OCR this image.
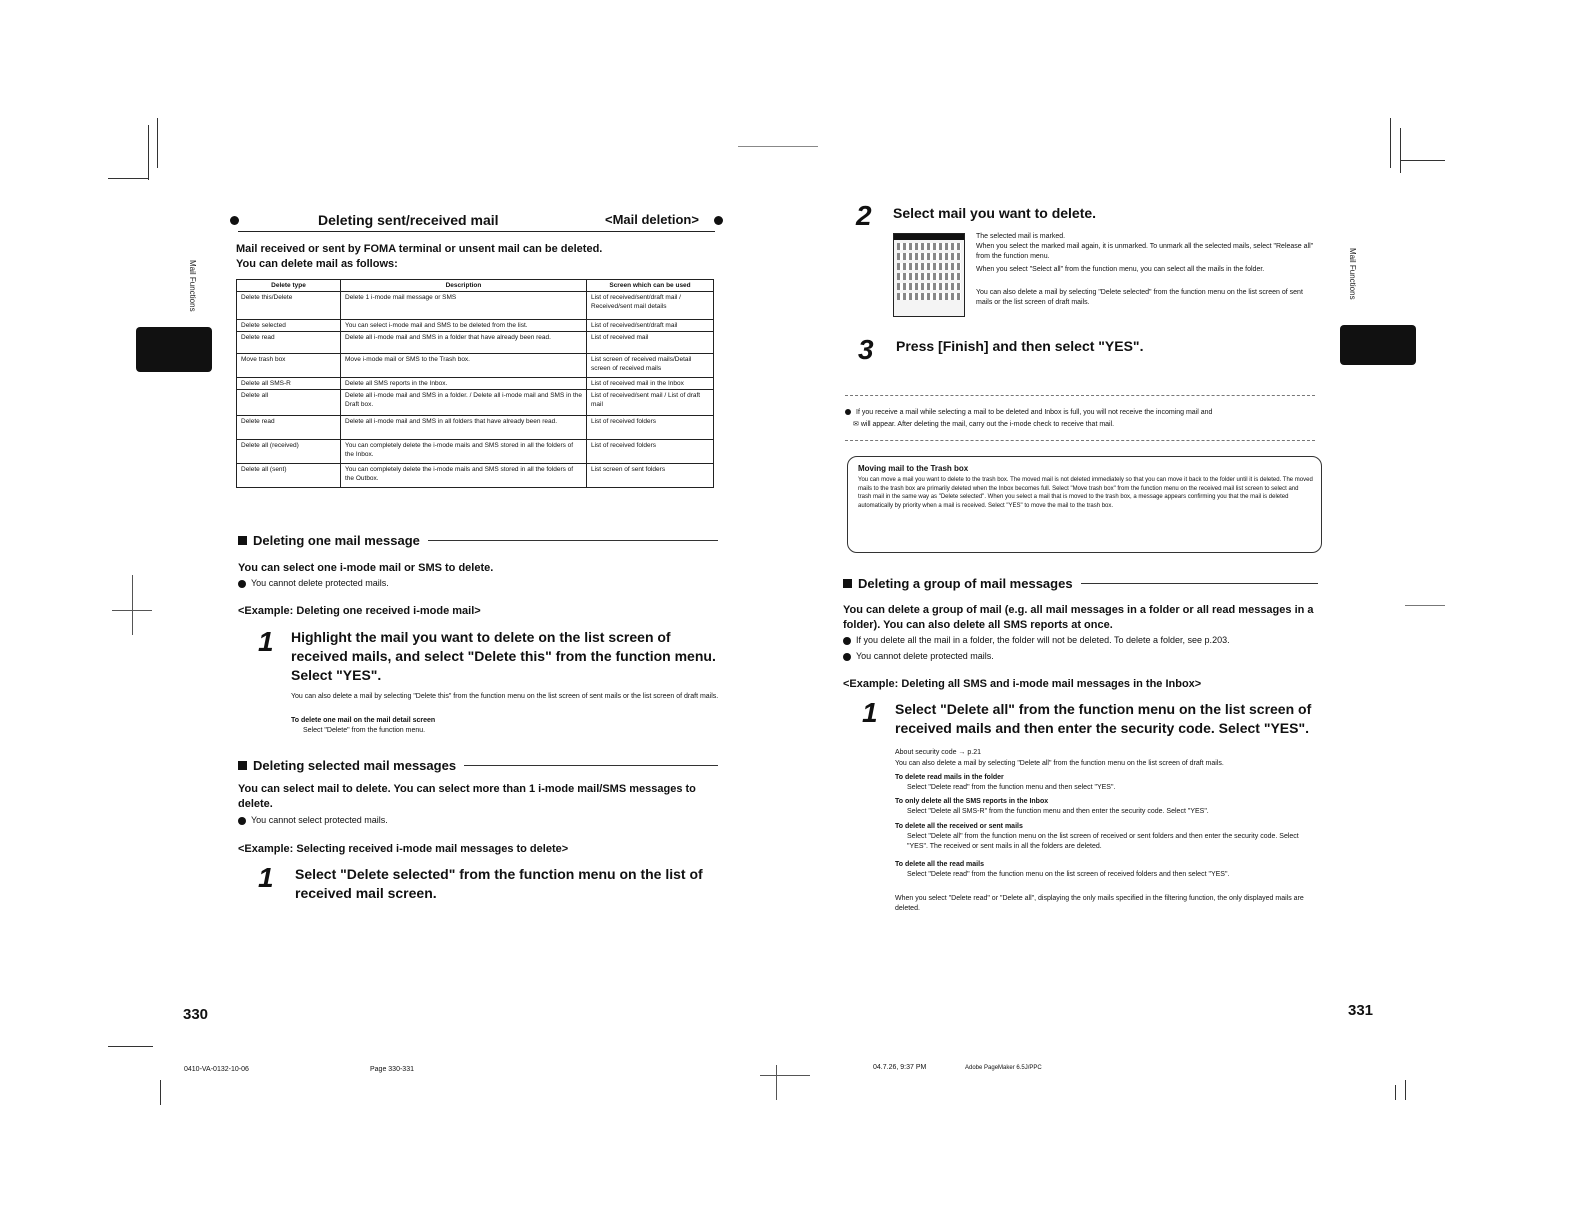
Deleting sent/received mail	<Mail deletion>
Mail received or sent by FOMA terminal or unsent mail can be deleted.
You can delete mail as follows:
Delete type	Description	Screen which can be used
Delete this/Delete	Delete 1 i-mode mail message or SMS	List of received/sent/draft mail / Received/sent mail details
Delete selected	You can select i-mode mail and SMS to be deleted from the list.	List of received/sent/draft mail
Delete read	Delete all i-mode mail and SMS in a folder that have already been read.	List of received mail
Move trash box	Move i-mode mail or SMS to the Trash box.	List screen of received mails/Detail screen of received mails
Delete all SMS-R	Delete all SMS reports in the Inbox.	List of received mail in the Inbox
Delete all	Delete all i-mode mail and SMS in a folder. / Delete all i-mode mail and SMS in the Draft box.	List of received/sent mail / List of draft mail
Delete read	Delete all i-mode mail and SMS in all folders that have already been read.	List of received folders
Delete all (received)	You can completely delete the i-mode mails and SMS stored in all the folders of the Inbox.	List of received folders
Delete all (sent)	You can completely delete the i-mode mails and SMS stored in all the folders of the Outbox.	List screen of sent folders
Mail Functions
Deleting one mail message
You can select one i-mode mail or SMS to delete.
You cannot delete protected mails.
<Example: Deleting one received i-mode mail>
1 Highlight the mail you want to delete on the list screen of received mails, and select "Delete this" from the function menu. Select "YES".
You can also delete a mail by selecting "Delete this" from the function menu on the list screen of sent mails or the list screen of draft mails.
To delete one mail on the mail detail screen
Select "Delete" from the function menu.
Deleting selected mail messages
You can select mail to delete. You can select more than 1 i-mode mail/SMS messages to delete.
You cannot select protected mails.
<Example: Selecting received i-mode mail messages to delete>
1 Select "Delete selected" from the function menu on the list of received mail screen.
330
0410-VA-0132-10-06	Page 330-331
2 Select mail you want to delete.
The selected mail is marked.
When you select the marked mail again, it is unmarked. To unmark all the selected mails, select "Release all" from the function menu.
When you select "Select all" from the function menu, you can select all the mails in the folder.
You can also delete a mail by selecting "Delete selected" from the function menu on the list screen of sent mails or the list screen of draft mails.
3 Press [Finish] and then select "YES".
If you receive a mail while selecting a mail to be deleted and Inbox is full, you will not receive the incoming mail and
✉ will appear. After deleting the mail, carry out the i-mode check to receive that mail.
Moving mail to the Trash box
You can move a mail you want to delete to the trash box. The moved mail is not deleted immediately so that you can move it back to the folder until it is deleted. The moved mails to the trash box are primarily deleted when the Inbox becomes full. Select "Move trash box" from the function menu on the received mail list screen to select and trash mail in the same way as "Delete selected". When you select a mail that is moved to the trash box, a message appears confirming you that the mail is deleted automatically by priority when a mail is received. Select "YES" to move the mail to the trash box.
Deleting a group of mail messages
You can delete a group of mail (e.g. all mail messages in a folder or all read messages in a folder). You can also delete all SMS reports at once.
If you delete all the mail in a folder, the folder will not be deleted. To delete a folder, see p.203.
You cannot delete protected mails.
<Example: Deleting all SMS and i-mode mail messages in the Inbox>
1 Select "Delete all" from the function menu on the list screen of received mails and then enter the security code. Select "YES".
About security code → p.21
You can also delete a mail by selecting "Delete all" from the function menu on the list screen of draft mails.
To delete read mails in the folder
Select "Delete read" from the function menu and then select "YES".
To only delete all the SMS reports in the Inbox
Select "Delete all SMS-R" from the function menu and then enter the security code. Select "YES".
To delete all the received or sent mails
Select "Delete all" from the function menu on the list screen of received or sent folders and then enter the security code. Select "YES". The received or sent mails in all the folders are deleted.
To delete all the read mails
Select "Delete read" from the function menu on the list screen of received folders and then select "YES".
When you select "Delete read" or "Delete all", displaying the only mails specified in the filtering function, the only displayed mails are deleted.
Mail Functions
331
04.7.26, 9:37 PM	Adobe PageMaker 6.5J/PPC
